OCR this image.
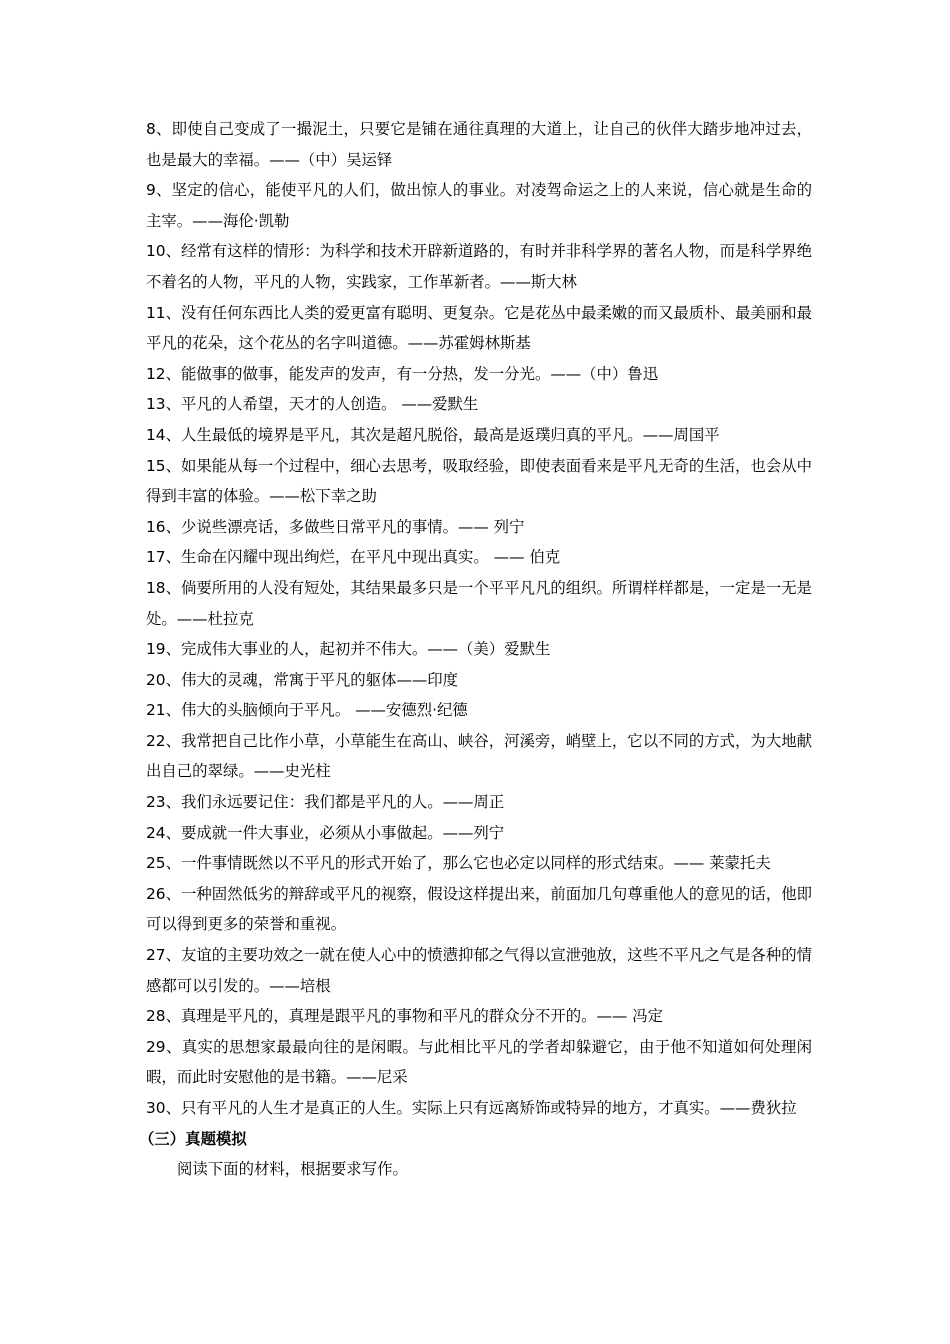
8、即使自己变成了一撮泥土，只要它是铺在通往真理的大道上，让自己的伙伴大踏步地冲过去，也是最大的幸福。——（中）吴运铎

9、坚定的信心，能使平凡的人们，做出惊人的事业。对凌驾命运之上的人来说，信心就是生命的主宰。——海伦·凯勒

10、经常有这样的情形：为科学和技术开辟新道路的，有时并非科学界的著名人物，而是科学界绝不着名的人物，平凡的人物，实践家，工作革新者。——斯大林

11、没有任何东西比人类的爱更富有聪明、更复杂。它是花丛中最柔嫩的而又最质朴、最美丽和最平凡的花朵，这个花丛的名字叫道德。——苏霍姆林斯基

12、能做事的做事，能发声的发声，有一分热，发一分光。——（中）鲁迅

13、平凡的人希望，天才的人创造。 ——爱默生

14、人生最低的境界是平凡，其次是超凡脱俗，最高是返璞归真的平凡。——周国平

15、如果能从每一个过程中，细心去思考，吸取经验，即使表面看来是平凡无奇的生活，也会从中得到丰富的体验。——松下幸之助

16、少说些漂亮话，多做些日常平凡的事情。—— 列宁

17、生命在闪耀中现出绚烂，在平凡中现出真实。 —— 伯克

18、倘要所用的人没有短处，其结果最多只是一个平平凡凡的组织。所谓样样都是，一定是一无是处。——杜拉克

19、完成伟大事业的人，起初并不伟大。——（美）爱默生

20、伟大的灵魂，常寓于平凡的躯体——印度

21、伟大的头脑倾向于平凡。 ——安德烈·纪德

22、我常把自己比作小草，小草能生在高山、峡谷，河溪旁，峭壁上，它以不同的方式，为大地献出自己的翠绿。——史光柱

23、我们永远要记住：我们都是平凡的人。——周正

24、要成就一件大事业，必须从小事做起。——列宁

25、一件事情既然以不平凡的形式开始了，那么它也必定以同样的形式结束。—— 莱蒙托夫

26、一种固然低劣的辩辞或平凡的视察，假设这样提出来，前面加几句尊重他人的意见的话，他即可以得到更多的荣誉和重视。

27、友谊的主要功效之一就在使人心中的愤懑抑郁之气得以宣泄弛放，这些不平凡之气是各种的情感都可以引发的。——培根

28、真理是平凡的，真理是跟平凡的事物和平凡的群众分不开的。—— 冯定

29、真实的思想家最最向往的是闲暇。与此相比平凡的学者却躲避它，由于他不知道如何处理闲暇，而此时安慰他的是书籍。——尼采

30、只有平凡的人生才是真正的人生。实际上只有远离矫饰或特异的地方，才真实。——费狄拉

（三）真题模拟

阅读下面的材料，根据要求写作。
